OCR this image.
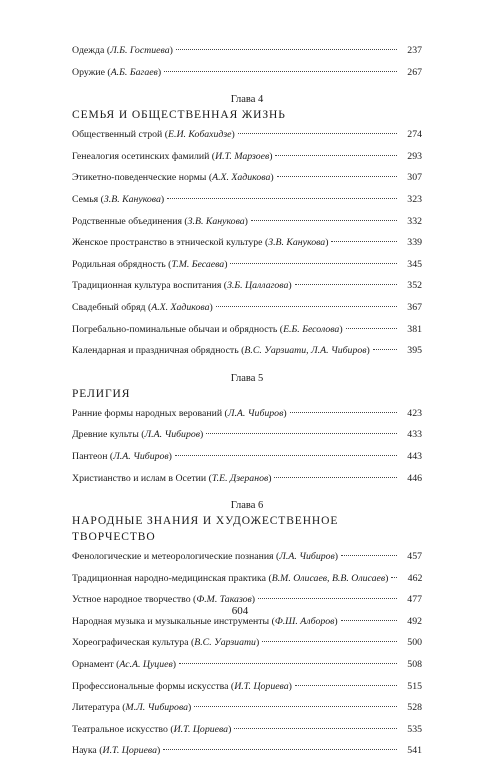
Одежда (Л.Б. Гостиева)	237
Оружие (А.Б. Багаев)	267
Глава 4
СЕМЬЯ И ОБЩЕСТВЕННАЯ ЖИЗНЬ
Общественный строй (Е.И. Кобахидзе)	274
Генеалогия осетинских фамилий (И.Т. Марзоев)	293
Этикетно-поведенческие нормы (А.Х. Хадикова)	307
Семья (З.В. Канукова)	323
Родственные объединения (З.В. Канукова)	332
Женское пространство в этнической культуре (З.В. Канукова)	339
Родильная обрядность (Т.М. Бесаева)	345
Традиционная культура воспитания (З.Б. Цаллагова)	352
Свадебный обряд (А.Х. Хадикова)	367
Погребально-поминальные обычаи и обрядность (Е.Б. Бесолова)	381
Календарная и праздничная обрядность (В.С. Уарзиати, Л.А. Чибиров)	395
Глава 5
РЕЛИГИЯ
Ранние формы народных верований (Л.А. Чибиров)	423
Древние культы (Л.А. Чибиров)	433
Пантеон (Л.А. Чибиров)	443
Христианство и ислам в Осетии (Т.Е. Дзеранов)	446
Глава 6
НАРОДНЫЕ ЗНАНИЯ И ХУДОЖЕСТВЕННОЕ ТВОРЧЕСТВО
Фенологические и метеорологические познания (Л.А. Чибиров)	457
Традиционная народно-медицинская практика (В.М. Олисаев, В.В. Олисаев)	462
Устное народное творчество (Ф.М. Таказов)	477
Народная музыка и музыкальные инструменты (Ф.Ш. Алборов)	492
Хореографическая культура (В.С. Уарзиати)	500
Орнамент (Ас.А. Цуциев)	508
Профессиональные формы искусства (И.Т. Цориева)	515
Литература (М.Л. Чибирова)	528
Театральное искусство (И.Т. Цориева)	535
Наука (И.Т. Цориева)	541
604
